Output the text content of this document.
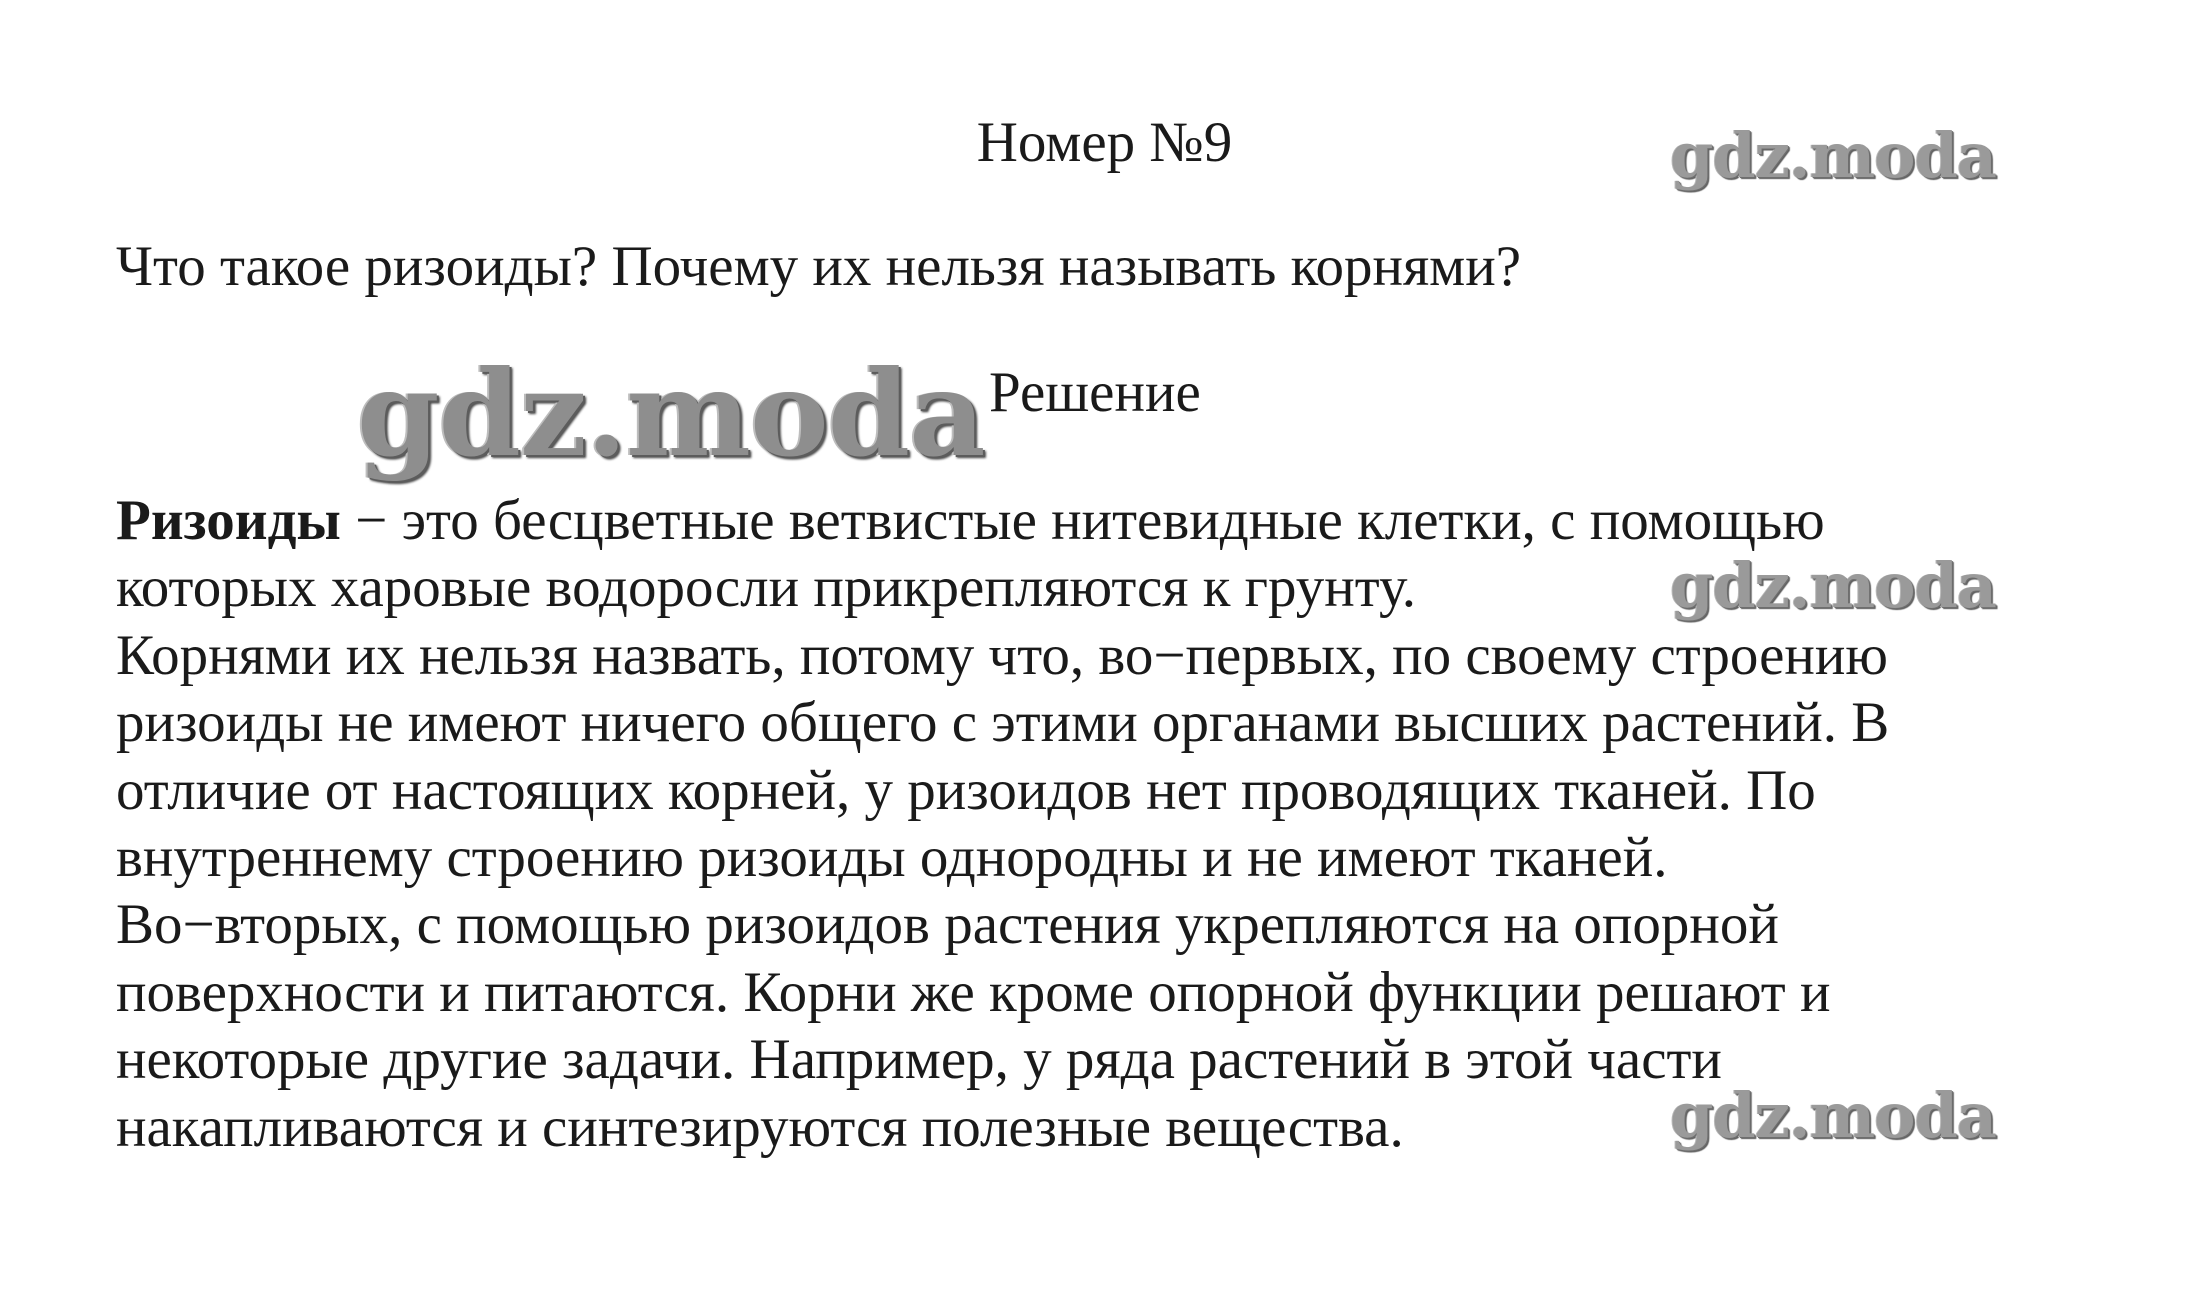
Номер №9
Что такое ризоиды? Почему их нельзя называть корнями?
Решение
Ризоиды − это бесцветные ветвистые нитевидные клетки, с помощью
которых харовые водоросли прикрепляются к грунту.
Корнями их нельзя назвать, потому что, во−первых, по своему строению
ризоиды не имеют ничего общего с этими органами высших растений. В
отличие от настоящих корней, у ризоидов нет проводящих тканей. По
внутреннему строению ризоиды однородны и не имеют тканей.
Во−вторых, с помощью ризоидов растения укрепляются на опорной
поверхности и питаются. Корни же кроме опорной функции решают и
некоторые другие задачи. Например, у ряда растений в этой части
накапливаются и синтезируются полезные вещества.
gdz.moda
gdz.moda
gdz.moda
gdz.moda
